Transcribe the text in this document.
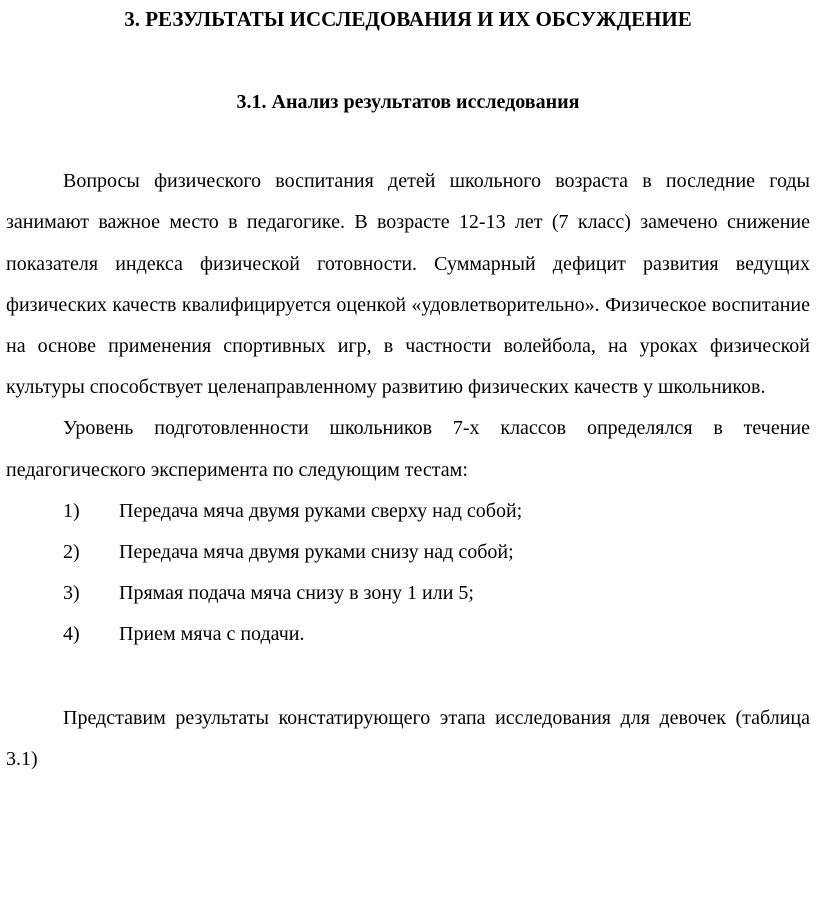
3. РЕЗУЛЬТАТЫ ИССЛЕДОВАНИЯ И ИХ ОБСУЖДЕНИЕ
3.1. Анализ результатов исследования

Вопросы физического воспитания детей школьного возраста в последние годы занимают важное место в педагогике. В возрасте 12-13 лет (7 класс) замечено снижение показателя индекса физической готовности. Суммарный дефицит развития ведущих физических качеств квалифицируется оценкой «удовлетворительно». Физическое воспитание на основе применения спортивных игр, в частности волейбола, на уроках физической культуры способствует целенаправленному развитию физических качеств у школьников.

Уровень подготовленности школьников 7-х классов определялся в течение педагогического эксперимента по следующим тестам:

1) Передача мяча двумя руками сверху над собой;
2) Передача мяча двумя руками снизу над собой;
3) Прямая подача мяча снизу в зону 1 или 5;
4) Прием мяча с подачи.

Представим результаты констатирующего этапа исследования для девочек (таблица 3.1)
